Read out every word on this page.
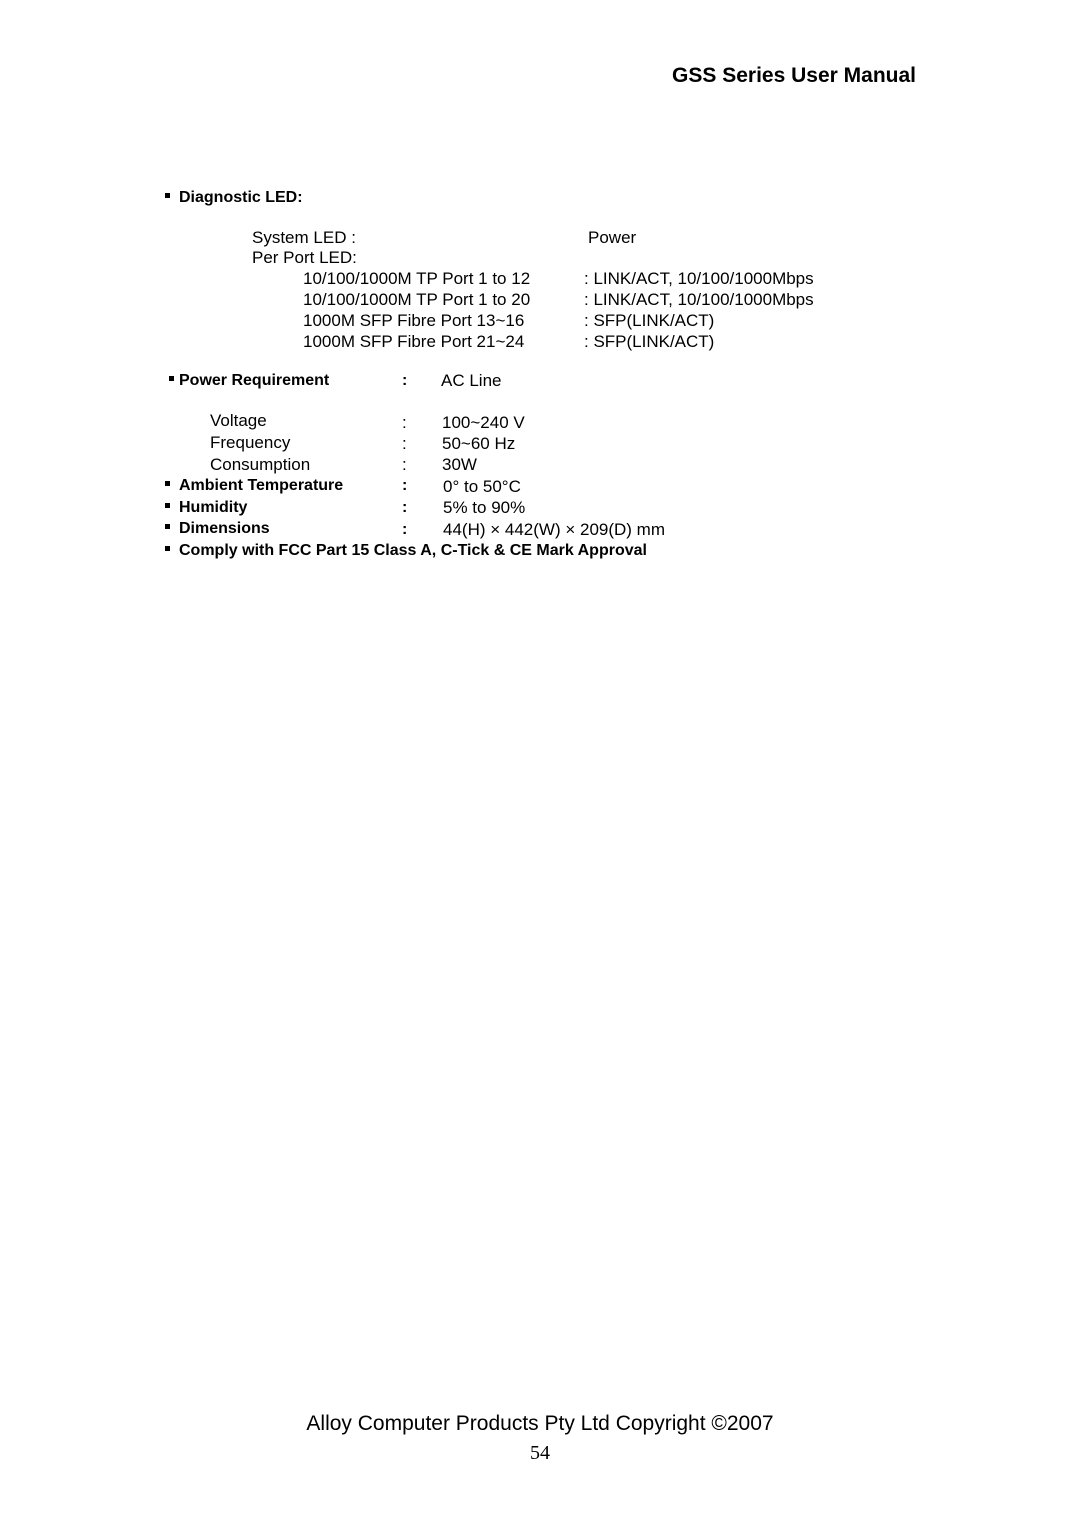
GSS Series User Manual
Diagnostic LED:
System LED :	Power
Per Port LED:
10/100/1000M TP Port 1 to 12	: LINK/ACT, 10/100/1000Mbps
10/100/1000M TP Port 1 to 20	: LINK/ACT, 10/100/1000Mbps
1000M SFP Fibre Port 13~16	: SFP(LINK/ACT)
1000M SFP Fibre Port 21~24	: SFP(LINK/ACT)
Power Requirement	: AC Line
Voltage	: 100~240 V
Frequency	: 50~60 Hz
Consumption	: 30W
Ambient Temperature	: 0° to 50°C
Humidity	: 5% to 90%
Dimensions	: 44(H) × 442(W) × 209(D) mm
Comply with FCC Part 15 Class A, C-Tick & CE Mark Approval
Alloy Computer Products Pty Ltd Copyright ©2007
54
